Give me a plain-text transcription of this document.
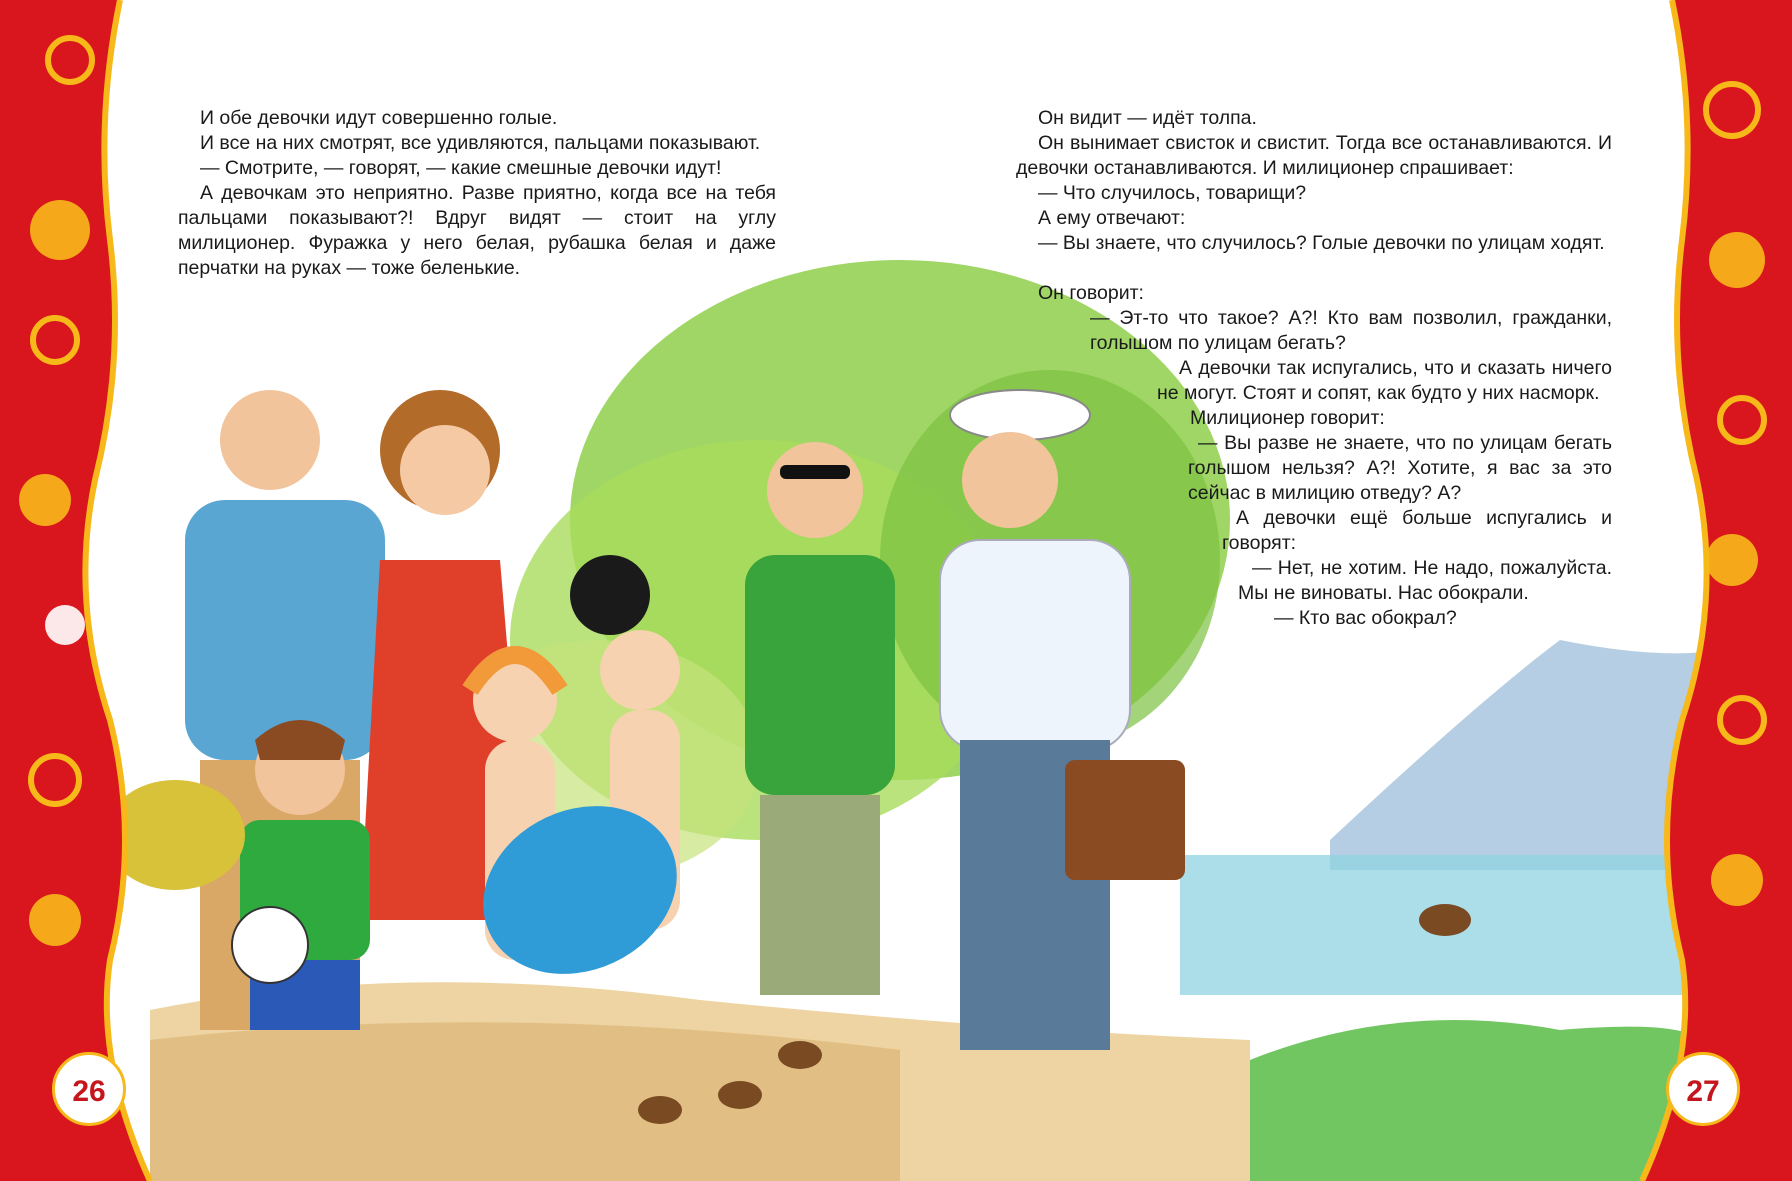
И обе девочки идут совершенно голые.

И все на них смотрят, все удивляются, пальцами показывают.

— Смотрите, — говорят, — какие смешные девочки идут!

А девочкам это неприятно. Разве приятно, когда все на тебя пальцами показывают?! Вдруг видят — стоит на углу милиционер. Фуражка у него белая, рубашка белая и даже перчатки на руках — тоже беленькие.

Он видит — идёт толпа.

Он вынимает свисток и свистит. Тогда все останавливаются. И девочки останавливаются. И милиционер спрашивает:

— Что случилось, товарищи?

А ему отвечают:

— Вы знаете, что случилось? Голые девочки по улицам ходят.

Он говорит:

— Эт-то что такое? А?! Кто вам позволил, гражданки, голышом по улицам бегать?

А девочки так испугались, что и сказать ничего не могут. Стоят и сопят, как будто у них насморк.

Милиционер говорит:

— Вы разве не знаете, что по улицам бегать голышом нельзя? А?! Хотите, я вас за это сейчас в милицию отведу? А?

А девочки ещё больше испугались и говорят:

— Нет, не хотим. Не надо, пожалуйста. Мы не виноваты. Нас обокрали.

— Кто вас обокрал?

26	27
